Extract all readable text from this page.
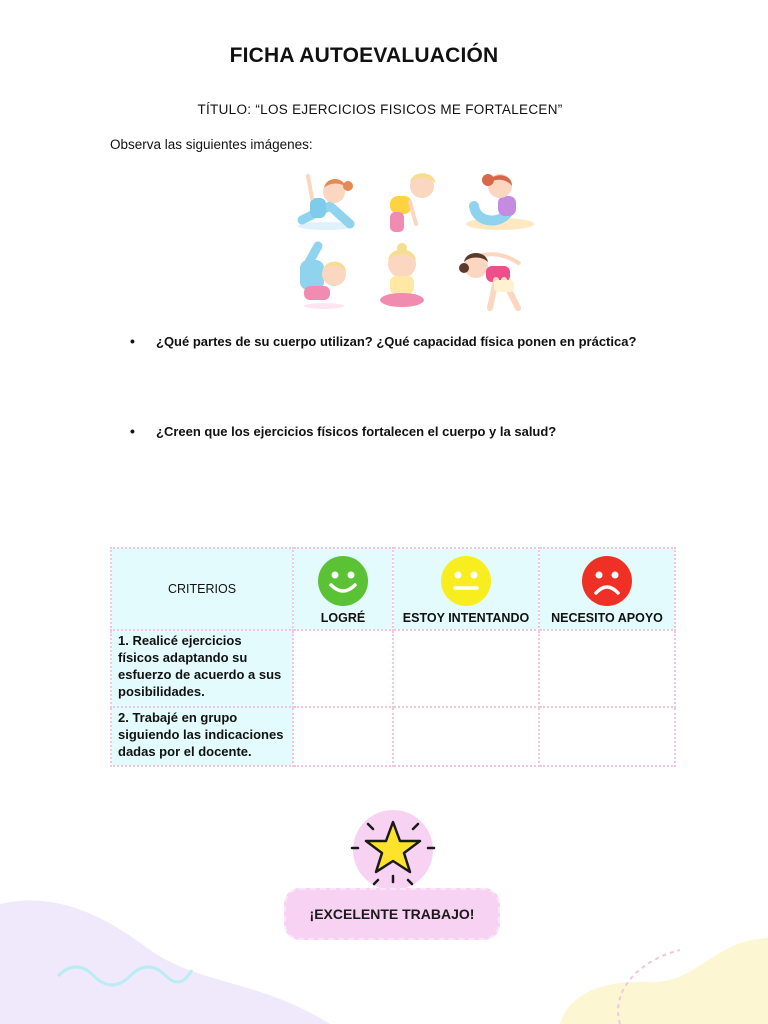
FICHA AUTOEVALUACIÓN
TÍTULO: “LOS EJERCICIOS FISICOS ME FORTALECEN”
Observa las siguientes imágenes:
• ¿Qué partes de su cuerpo utilizan? ¿Qué capacidad física ponen en práctica?
• ¿Creen que los ejercicios físicos fortalecen el cuerpo y la salud?
CRITERIOS	LOGRÉ	ESTOY INTENTANDO	NECESITO APOYO

1. Realicé ejercicios físicos adaptando su esfuerzo de acuerdo a sus posibilidades.			
2. Trabajé en grupo siguiendo las indicaciones dadas por el docente.			
¡EXCELENTE TRABAJO!
